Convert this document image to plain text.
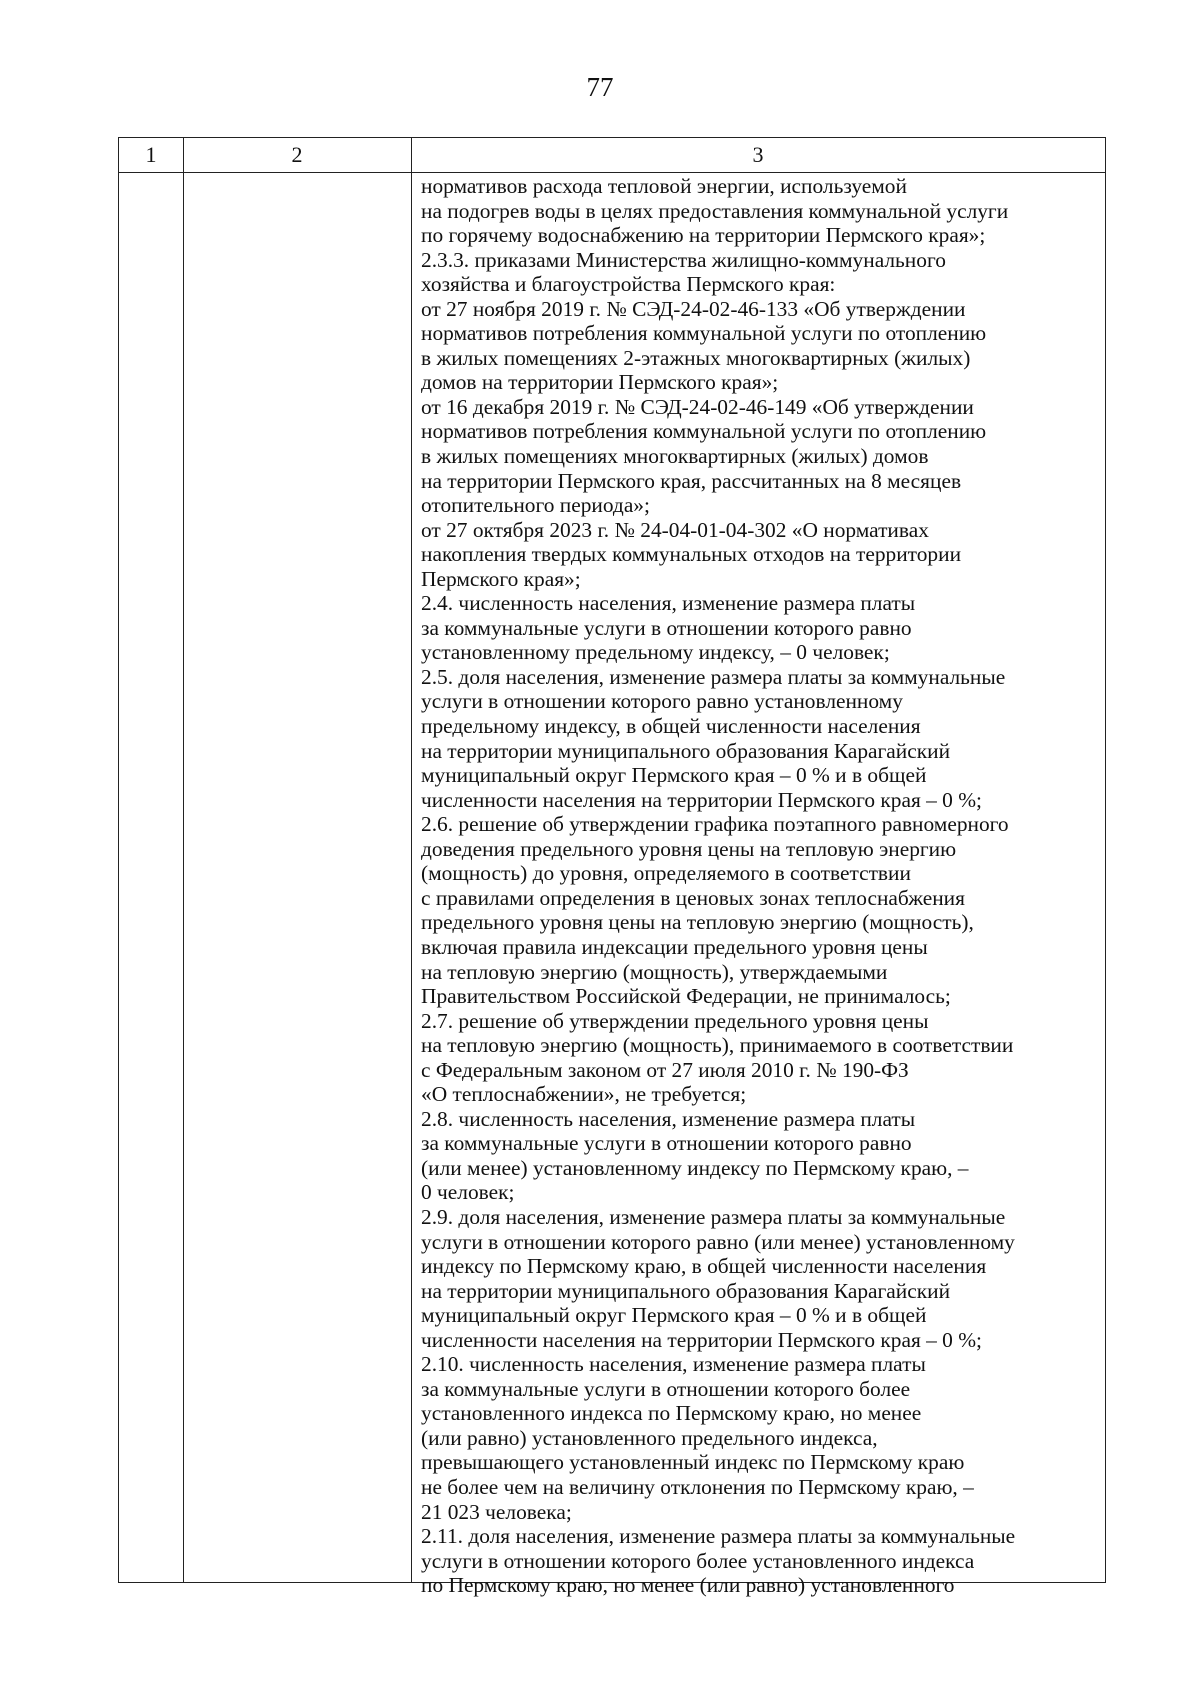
77
1	2	3
нормативов расхода тепловой энергии, используемой
на подогрев воды в целях предоставления коммунальной услуги
по горячему водоснабжению на территории Пермского края»;
2.3.3. приказами Министерства жилищно-коммунального
хозяйства и благоустройства Пермского края:
от 27 ноября 2019 г. № СЭД-24-02-46-133 «Об утверждении
нормативов потребления коммунальной услуги по отоплению
в жилых помещениях 2-этажных многоквартирных (жилых)
домов на территории Пермского края»;
от 16 декабря 2019 г. № СЭД-24-02-46-149 «Об утверждении
нормативов потребления коммунальной услуги по отоплению
в жилых помещениях многоквартирных (жилых) домов
на территории Пермского края, рассчитанных на 8 месяцев
отопительного периода»;
от 27 октября 2023 г. № 24-04-01-04-302 «О нормативах
накопления твердых коммунальных отходов на территории
Пермского края»;
2.4. численность населения, изменение размера платы
за коммунальные услуги в отношении которого равно
установленному предельному индексу, – 0 человек;
2.5. доля населения, изменение размера платы за коммунальные
услуги в отношении которого равно установленному
предельному индексу, в общей численности населения
на территории муниципального образования Карагайский
муниципальный округ Пермского края – 0 % и в общей
численности населения на территории Пермского края – 0 %;
2.6. решение об утверждении графика поэтапного равномерного
доведения предельного уровня цены на тепловую энергию
(мощность) до уровня, определяемого в соответствии
с правилами определения в ценовых зонах теплоснабжения
предельного уровня цены на тепловую энергию (мощность),
включая правила индексации предельного уровня цены
на тепловую энергию (мощность), утверждаемыми
Правительством Российской Федерации, не принималось;
2.7. решение об утверждении предельного уровня цены
на тепловую энергию (мощность), принимаемого в соответствии
с Федеральным законом от 27 июля 2010 г. № 190-ФЗ
«О теплоснабжении», не требуется;
2.8. численность населения, изменение размера платы
за коммунальные услуги в отношении которого равно
(или менее) установленному индексу по Пермскому краю, –
0 человек;
2.9. доля населения, изменение размера платы за коммунальные
услуги в отношении которого равно (или менее) установленному
индексу по Пермскому краю, в общей численности населения
на территории муниципального образования Карагайский
муниципальный округ Пермского края – 0 % и в общей
численности населения на территории Пермского края – 0 %;
2.10. численность населения, изменение размера платы
за коммунальные услуги в отношении которого более
установленного индекса по Пермскому краю, но менее
(или равно) установленного предельного индекса,
превышающего установленный индекс по Пермскому краю
не более чем на величину отклонения по Пермскому краю, –
21 023 человека;
2.11. доля населения, изменение размера платы за коммунальные
услуги в отношении которого более установленного индекса
по Пермскому краю, но менее (или равно) установленного
